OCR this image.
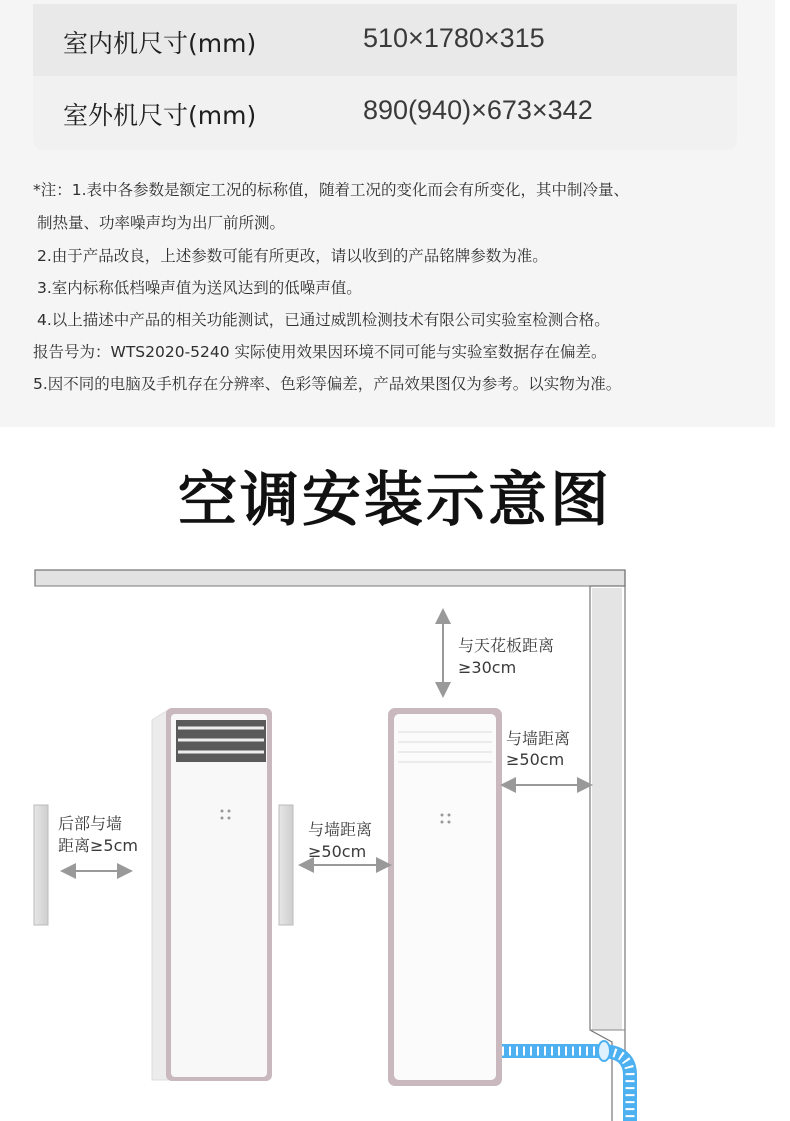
室内机尺寸(mm)	510×1780×315
室外机尺寸(mm)	890(940)×673×342
*注：1.表中各参数是额定工况的标称值，随着工况的变化而会有所变化，其中制冷量、
制热量、功率噪声均为出厂前所测。
2.由于产品改良，上述参数可能有所更改，请以收到的产品铭牌参数为准。
3.室内标称低档噪声值为送风达到的低噪声值。
4.以上描述中产品的相关功能测试，已通过威凯检测技术有限公司实验室检测合格。
报告号为：WTS2020-5240 实际使用效果因环境不同可能与实验室数据存在偏差。
5.因不同的电脑及手机存在分辨率、色彩等偏差，产品效果图仅为参考。以实物为准。
空调安装示意图
与天花板距离
≥30cm
与墙距离
≥50cm
与墙距离
≥50cm
后部与墙
距离≥5cm
